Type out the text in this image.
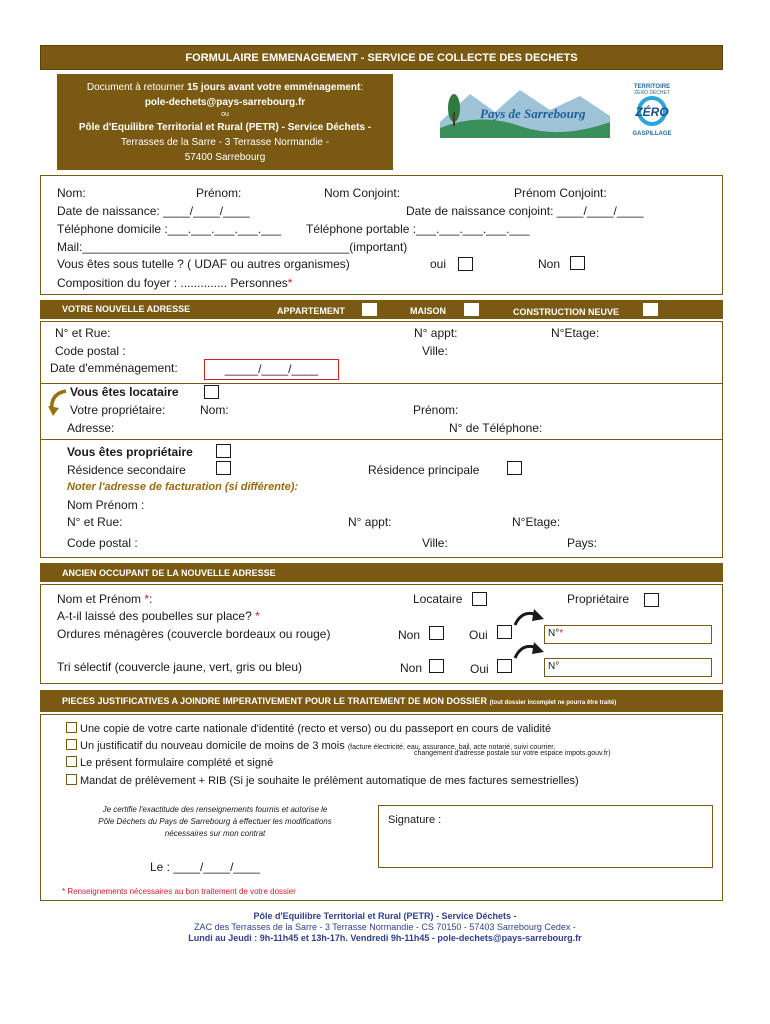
FORMULAIRE EMMENAGEMENT - SERVICE DE COLLECTE DES DECHETS
Document à retourner 15 jours avant votre emménagement:
pole-dechets@pays-sarrebourg.fr
ou
Pôle d'Equilibre Territorial et Rural (PETR) - Service Déchets -
Terrasses de la Sarre - 3 Terrasse Normandie -
57400 Sarrebourg
Pays de Sarrebourg
TERRITOIRE
ZÉRO DÉCHET
ZÉRO
GASPILLAGE
Nom:	Prénom:	Nom Conjoint:	Prénom Conjoint:
Date de naissance: ____/____/____	Date de naissance conjoint: ____/____/____
Téléphone domicile :___.___.___.___.___ Téléphone portable :___.___.___.___.___
Mail:________________________________________(important)
Vous êtes sous tutelle ? ( UDAF ou autres organismes)	oui	Non
Composition du foyer : .............. Personnes*
VOTRE NOUVELLE ADRESSE	APPARTEMENT	MAISON	CONSTRUCTION NEUVE
N° et Rue:	N° appt:	N°Etage:
Code postal :	Ville:
Date d'emménagement:	_____/____/____
Vous êtes locataire
Votre propriétaire:	Nom:	Prénom:
Adresse:	N° de Téléphone:
Vous êtes propriétaire
Résidence secondaire	Résidence principale
Noter l'adresse de facturation (si différente):
Nom Prénom :
N° et Rue:	N° appt:	N°Etage:
Code postal :	Ville:	Pays:
ANCIEN OCCUPANT DE LA NOUVELLE ADRESSE
Nom et Prénom *:	Locataire	Propriétaire
A-t-il laissé des poubelles sur place? *
Ordures ménagères (couvercle bordeaux ou rouge)	Non	Oui	N°*
Tri sélectif (couvercle jaune, vert, gris ou bleu)	Non	Oui	N°
PIECES JUSTIFICATIVES A JOINDRE IMPERATIVEMENT POUR LE TRAITEMENT DE MON DOSSIER (tout dossier incomplet ne pourra être traité)
Une copie de votre carte nationale d'identité (recto et verso) ou du passeport en cours de validité
Un justificatif du nouveau domicile de moins de 3 mois (facture électricité, eau, assurance, bail, acte notarié, suivi courrier,
changement d'adresse postale sur votre espace impots.gouv.fr)
Le présent formulaire complété et signé
Mandat de prélèvement + RIB (Si je souhaite le prélèment automatique de mes factures semestrielles)
Je certifie l'exactitude des renseignements fournis et autorise le
Pôle Déchets du Pays de Sarrebourg à effectuer les modifications
nécessaires sur mon contrat
Signature :
Le : ____/____/____
* Renseignements nécessaires au bon traitement de votre dossier
Pôle d'Equilibre Territorial et Rural (PETR) - Service Déchets -
ZAC des Terrasses de la Sarre - 3 Terrasse Normandie - CS 70150 - 57403 Sarrebourg Cedex -
Lundi au Jeudi : 9h-11h45 et 13h-17h. Vendredi 9h-11h45 - pole-dechets@pays-sarrebourg.fr
